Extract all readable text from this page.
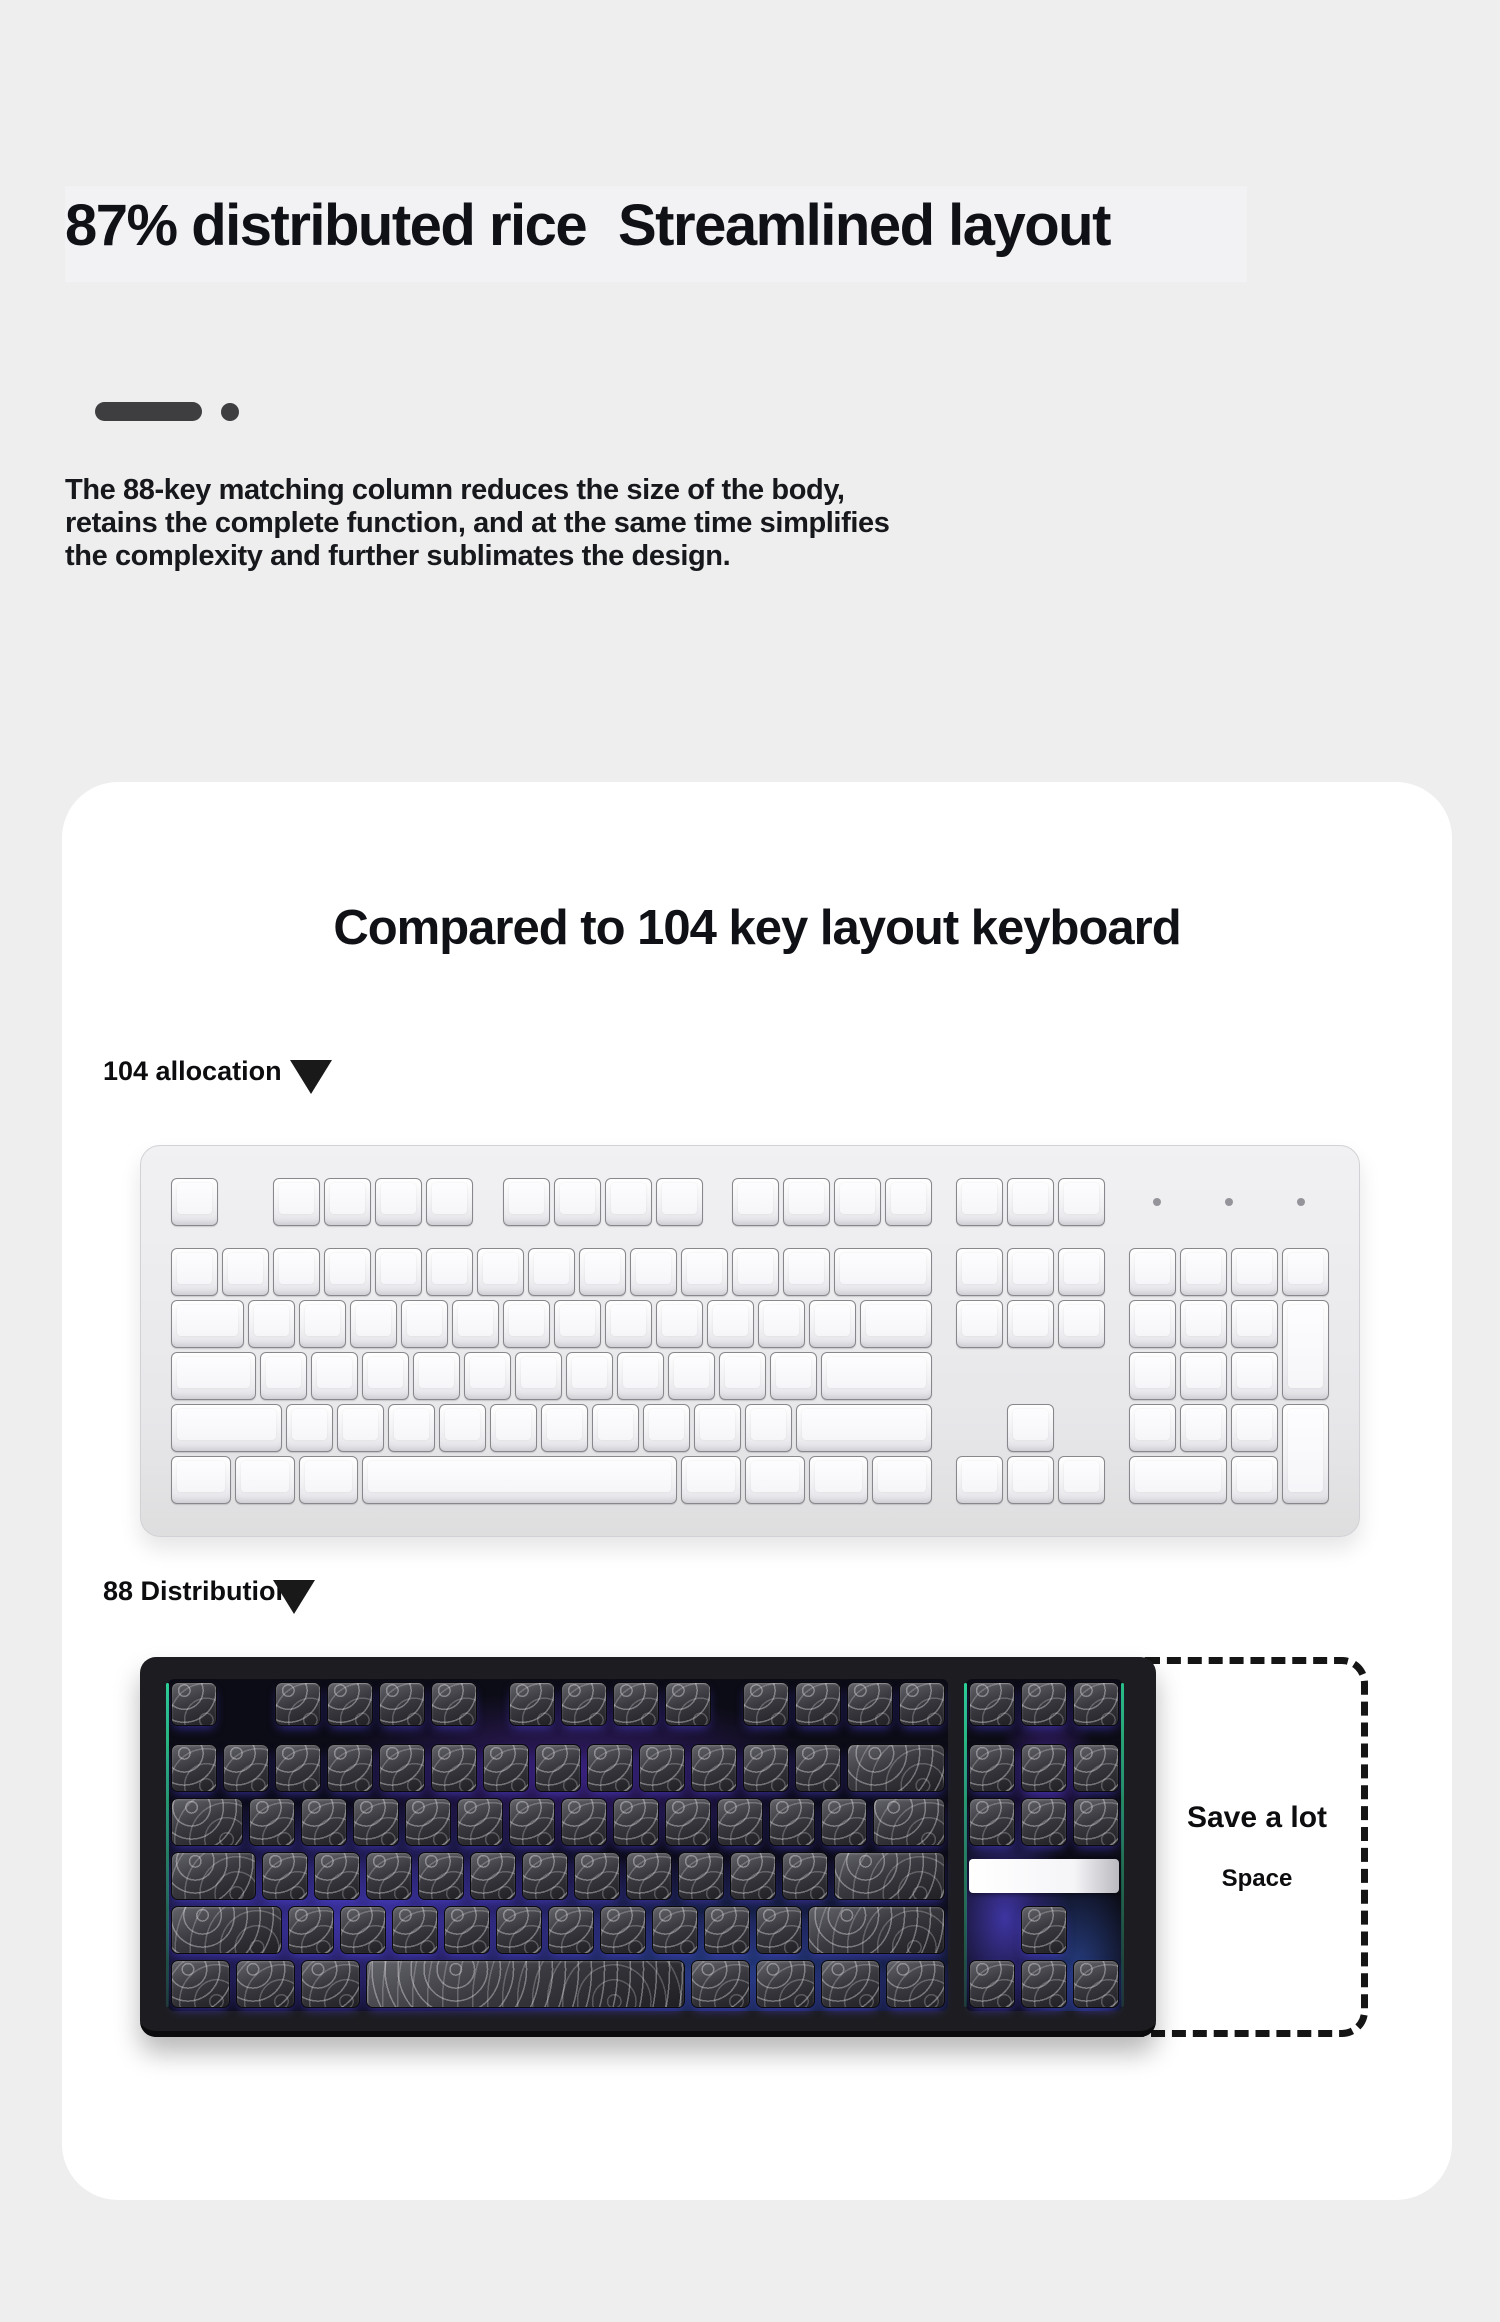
87% distributed rice Streamlined layout
The 88-key matching column reduces the size of the body,
retains the complete function, and at the same time simplifies
the complexity and further sublimates the design.
Compared to 104 key layout keyboard
104 allocation
88 Distribution
Save a lot
Space
